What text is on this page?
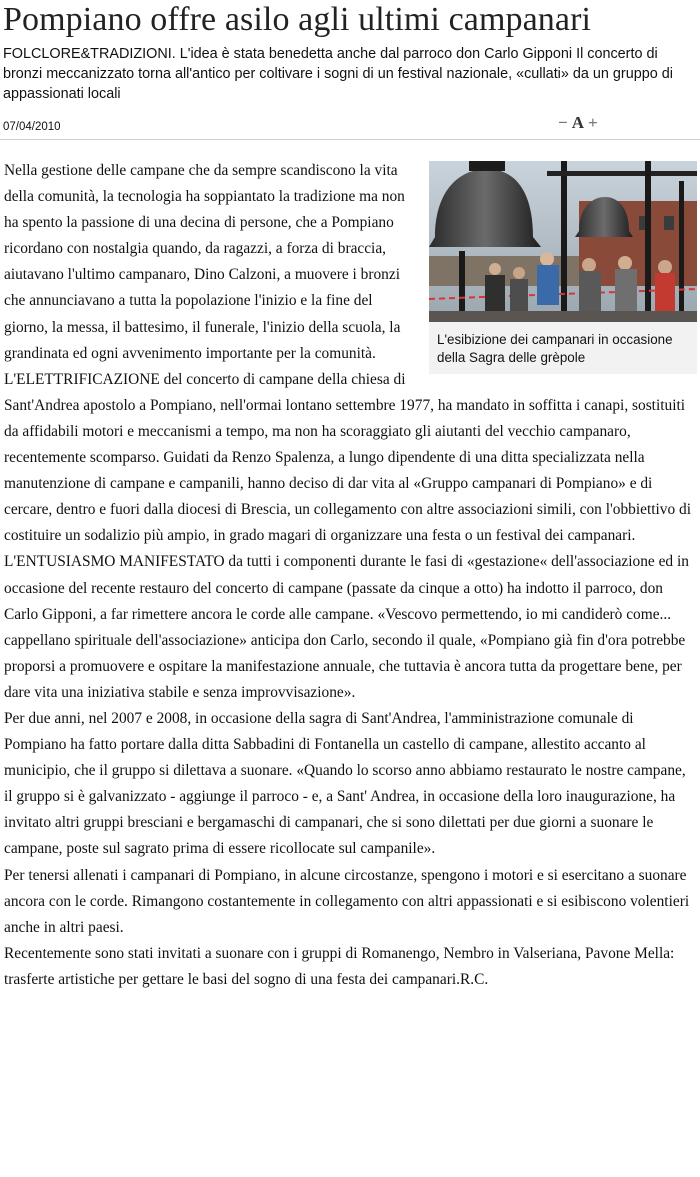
Pompiano offre asilo agli ultimi campanari
FOLCLORE&TRADIZIONI. L'idea è stata benedetta anche dal parroco don Carlo Gipponi Il concerto di bronzi meccanizzato torna all'antico per coltivare i sogni di un festival nazionale, «cullati» da un gruppo di appassionati locali
07/04/2010	− A +
L'esibizione dei campanari in occasione della Sagra delle grèpole

Nella gestione delle campane che da sempre scandiscono la vita della comunità, la tecnologia ha soppiantato la tradizione ma non ha spento la passione di una decina di persone, che a Pompiano ricordano con nostalgia quando, da ragazzi, a forza di braccia, aiutavano l'ultimo campanaro, Dino Calzoni, a muovere i bronzi che annunciavano a tutta la popolazione l'inizio e la fine del giorno, la messa, il battesimo, il funerale, l'inizio della scuola, la grandinata ed ogni avvenimento importante per la comunità.

L'ELETTRIFICAZIONE del concerto di campane della chiesa di Sant'Andrea apostolo a Pompiano, nell'ormai lontano settembre 1977, ha mandato in soffitta i canapi, sostituiti da affidabili motori e meccanismi a tempo, ma non ha scoraggiato gli aiutanti del vecchio campanaro, recentemente scomparso. Guidati da Renzo Spalenza, a lungo dipendente di una ditta specializzata nella manutenzione di campane e campanili, hanno deciso di dar vita al «Gruppo campanari di Pompiano» e di cercare, dentro e fuori dalla diocesi di Brescia, un collegamento con altre associazioni simili, con l'obbiettivo di costituire un sodalizio più ampio, in grado magari di organizzare una festa o un festival dei campanari.

L'ENTUSIASMO MANIFESTATO da tutti i componenti durante le fasi di «gestazione« dell'associazione ed in occasione del recente restauro del concerto di campane (passate da cinque a otto) ha indotto il parroco, don Carlo Gipponi, a far rimettere ancora le corde alle campane. «Vescovo permettendo, io mi candiderò come... cappellano spirituale dell'associazione» anticipa don Carlo, secondo il quale, «Pompiano già fin d'ora potrebbe proporsi a promuovere e ospitare la manifestazione annuale, che tuttavia è ancora tutta da progettare bene, per dare vita una iniziativa stabile e senza improvvisazione».

Per due anni, nel 2007 e 2008, in occasione della sagra di Sant'Andrea, l'amministrazione comunale di Pompiano ha fatto portare dalla ditta Sabbadini di Fontanella un castello di campane, allestito accanto al municipio, che il gruppo si dilettava a suonare. «Quando lo scorso anno abbiamo restaurato le nostre campane, il gruppo si è galvanizzato - aggiunge il parroco - e, a Sant' Andrea, in occasione della loro inaugurazione, ha invitato altri gruppi bresciani e bergamaschi di campanari, che si sono dilettati per due giorni a suonare le campane, poste sul sagrato prima di essere ricollocate sul campanile».

Per tenersi allenati i campanari di Pompiano, in alcune circostanze, spengono i motori e si esercitano a suonare ancora con le corde. Rimangono costantemente in collegamento con altri appassionati e si esibiscono volentieri anche in altri paesi.

Recentemente sono stati invitati a suonare con i gruppi di Romanengo, Nembro in Valseriana, Pavone Mella: trasferte artistiche per gettare le basi del sogno di una festa dei campanari.R.C.
